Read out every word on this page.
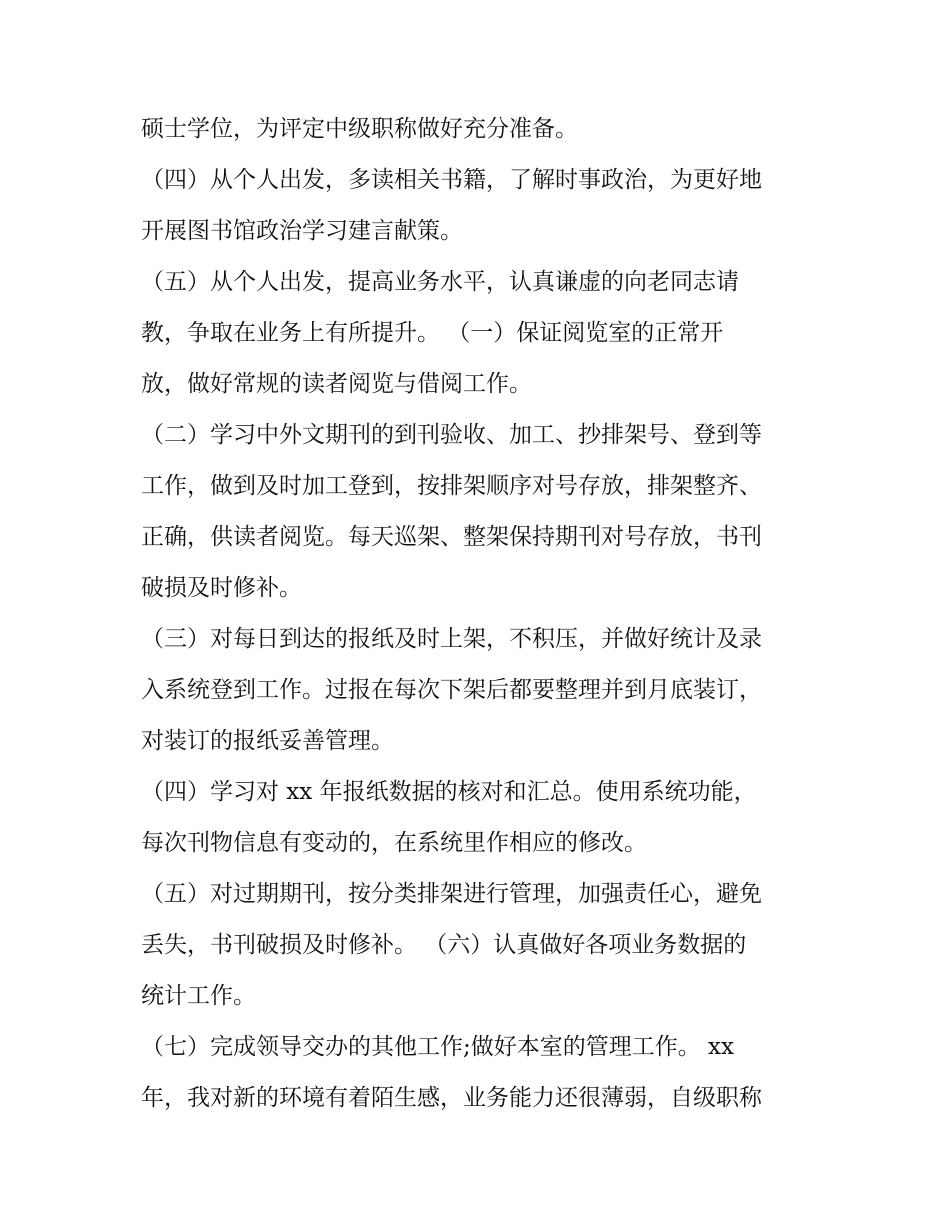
硕士学位，为评定中级职称做好充分准备。
（四）从个人出发，多读相关书籍，了解时事政治，为更好地
开展图书馆政治学习建言献策。
（五）从个人出发，提高业务水平，认真谦虚的向老同志请
教，争取在业务上有所提升。 （一）保证阅览室的正常开
放，做好常规的读者阅览与借阅工作。
（二）学习中外文期刊的到刊验收、加工、抄排架号、登到等
工作，做到及时加工登到，按排架顺序对号存放，排架整齐、
正确，供读者阅览。每天巡架、整架保持期刊对号存放，书刊
破损及时修补。
（三）对每日到达的报纸及时上架，不积压，并做好统计及录
入系统登到工作。过报在每次下架后都要整理并到月底装订，
对装订的报纸妥善管理。
（四）学习对 xx 年报纸数据的核对和汇总。使用系统功能，
每次刊物信息有变动的，在系统里作相应的修改。
（五）对过期期刊，按分类排架进行管理，加强责任心，避免
丢失，书刊破损及时修补。 （六）认真做好各项业务数据的
统计工作。
（七）完成领导交办的其他工作;做好本室的管理工作。 xx
年，我对新的环境有着陌生感，业务能力还很薄弱，自级职称
